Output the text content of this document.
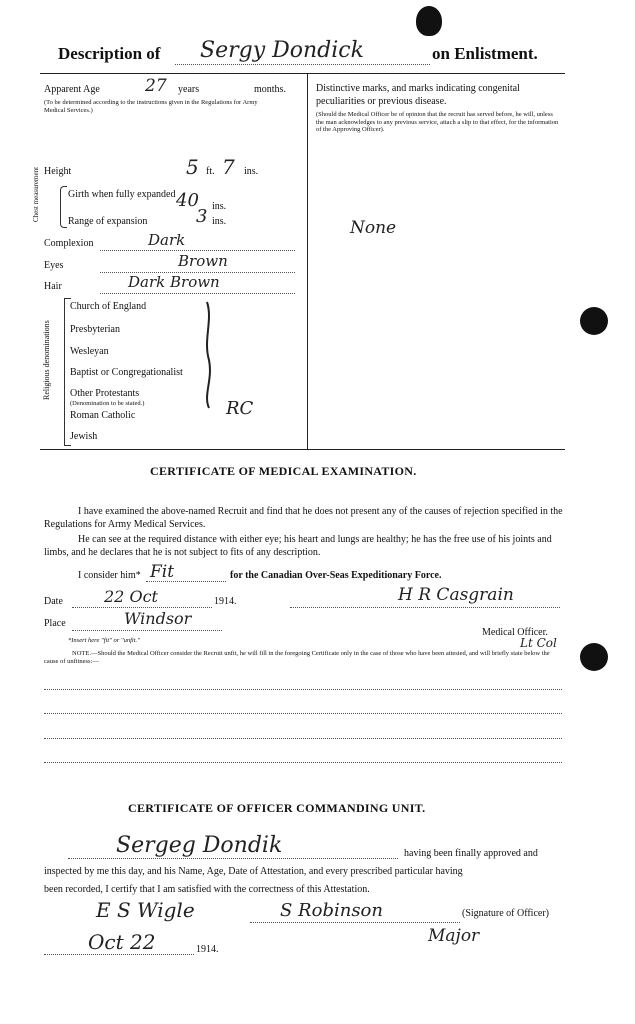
Description of Sergy Dondick	on Enlistment.
Apparent Age	27 years	months.
(To be determined according to the instructions given in the Regulations for Army Medical Services.)
Height	5 ft. 7 ins.
Chest measurement	Girth when fully expanded 40 ins.
Range of expansion	3 ins.
Complexion	Dark
Eyes	Brown
Hair	Dark Brown
Religious denominations
Church of England
Presbyterian
Wesleyan
Baptist or Congregationalist
Other Protestants
(Denomination to be stated.)
Roman Catholic
Jewish
RC
Distinctive marks, and marks indicating congenital peculiarities or previous disease.
(Should the Medical Officer be of opinion that the recruit has served before, he will, unless the man acknowledges to any previous service, attach a slip to that effect, for the information of the Approving Officer).
None
CERTIFICATE OF MEDICAL EXAMINATION.
I have examined the above-named Recruit and find that he does not present any of the causes of rejection specified in the Regulations for Army Medical Services.
He can see at the required distance with either eye; his heart and lungs are healthy; he has the free use of his joints and limbs, and he declares that he is not subject to fits of any description.
I consider him* Fit	for the Canadian Over-Seas Expeditionary Force.
Date	22 Oct	1914.	H R Casgrain
Place	Windsor
*Insert here "fit" or "unfit."
Medical Officer.
Lt Col
NOTE.—Should the Medical Officer consider the Recruit unfit, he will fill in the foregoing Certificate only in the case of those who have been attested, and will briefly state below the cause of unfitness:—
CERTIFICATE OF OFFICER COMMANDING UNIT.
Sergeg Dondik	having been finally approved and
inspected by me this day, and his Name, Age, Date of Attestation, and every prescribed particular having
been recorded, I certify that I am satisfied with the correctness of this Attestation.
E S Wigle	S Robinson	(Signature of Officer)
Major
Oct 22	1914.
